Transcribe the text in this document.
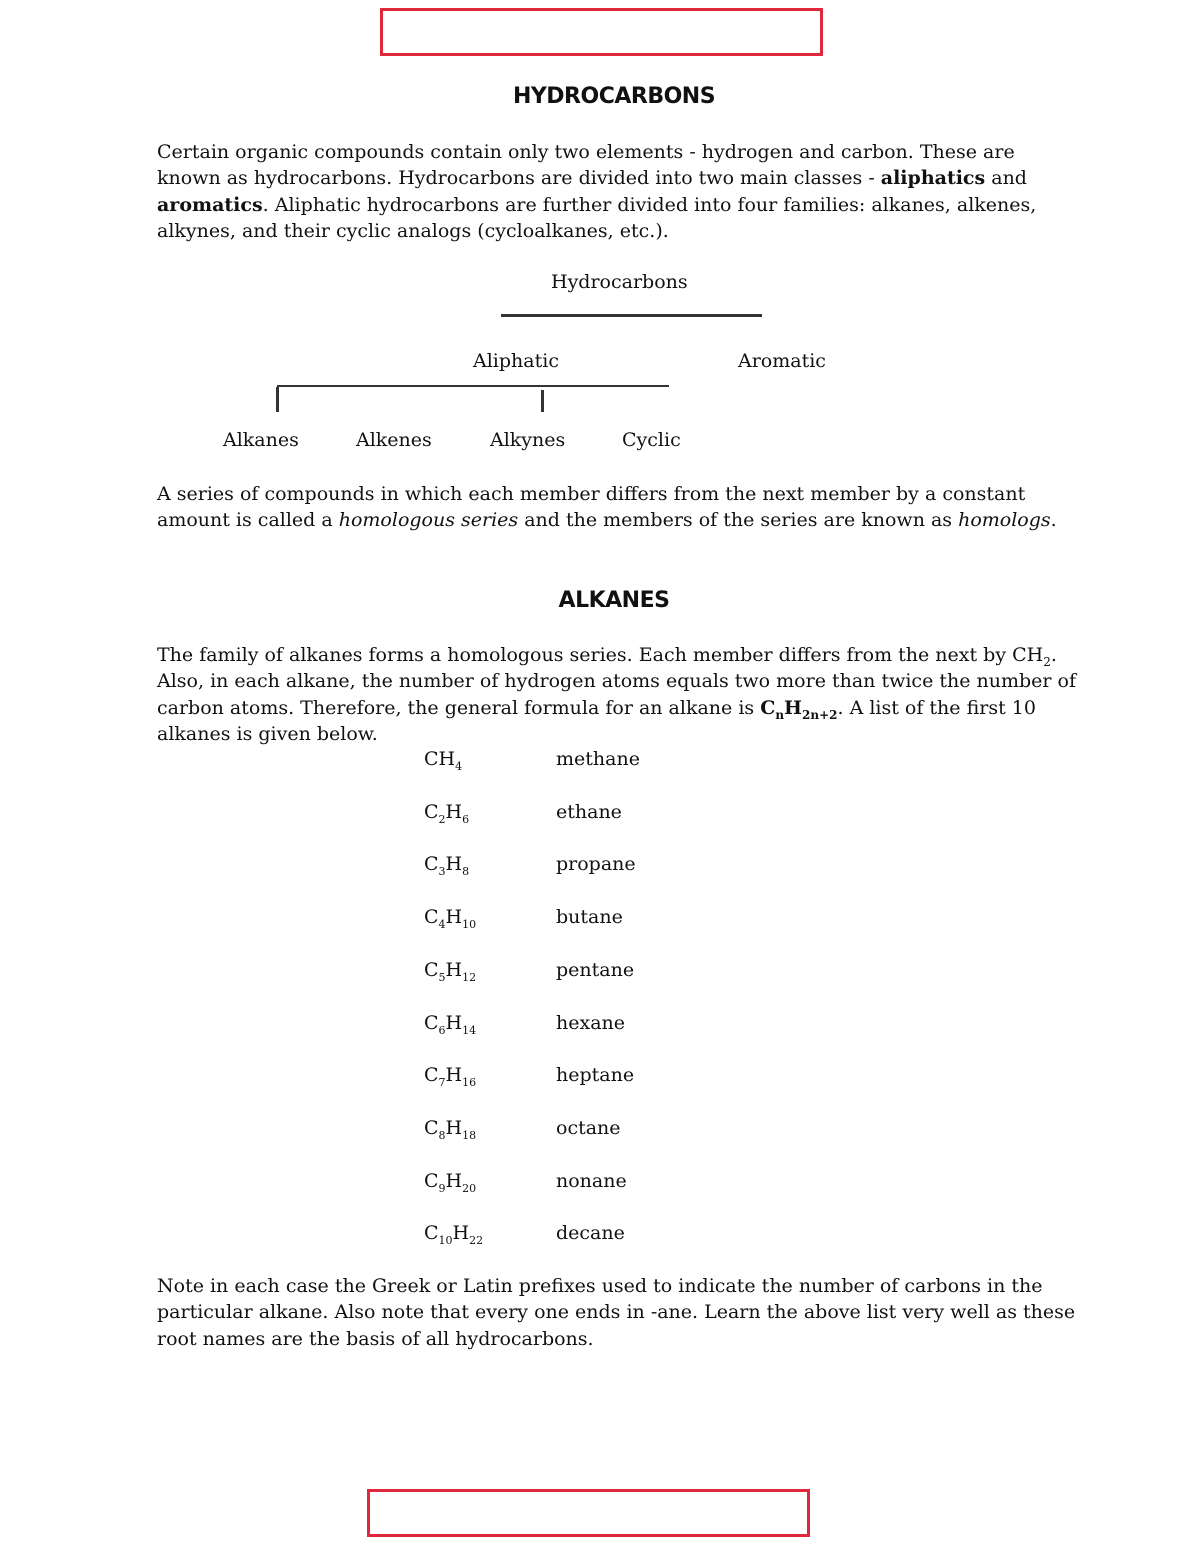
HYDROCARBONS

Certain organic compounds contain only two elements - hydrogen and carbon. These are known as hydrocarbons. Hydrocarbons are divided into two main classes - aliphatics and aromatics. Aliphatic hydrocarbons are further divided into four families: alkanes, alkenes, alkynes, and their cyclic analogs (cycloalkanes, etc.).

Hydrocarbons
Aliphatic	Aromatic
Alkanes	Alkenes	Alkynes	Cyclic

A series of compounds in which each member differs from the next member by a constant amount is called a homologous series and the members of the series are known as homologs.

ALKANES

The family of alkanes forms a homologous series. Each member differs from the next by $CH_2$. Also, in each alkane, the number of hydrogen atoms equals two more than twice the number of carbon atoms. Therefore, the general formula for an alkane is $C_nH_{2n+2}$. A list of the first 10 alkanes is given below.

$CH_4$	methane
$C_2H_6$	ethane
$C_3H_8$	propane
$C_4H_{10}$	butane
$C_5H_{12}$	pentane
$C_6H_{14}$	hexane
$C_7H_{16}$	heptane
$C_8H_{18}$	octane
$C_9H_{20}$	nonane
$C_{10}H_{22}$	decane

Note in each case the Greek or Latin prefixes used to indicate the number of carbons in the particular alkane. Also note that every one ends in -ane. Learn the above list very well as these root names are the basis of all hydrocarbons.
